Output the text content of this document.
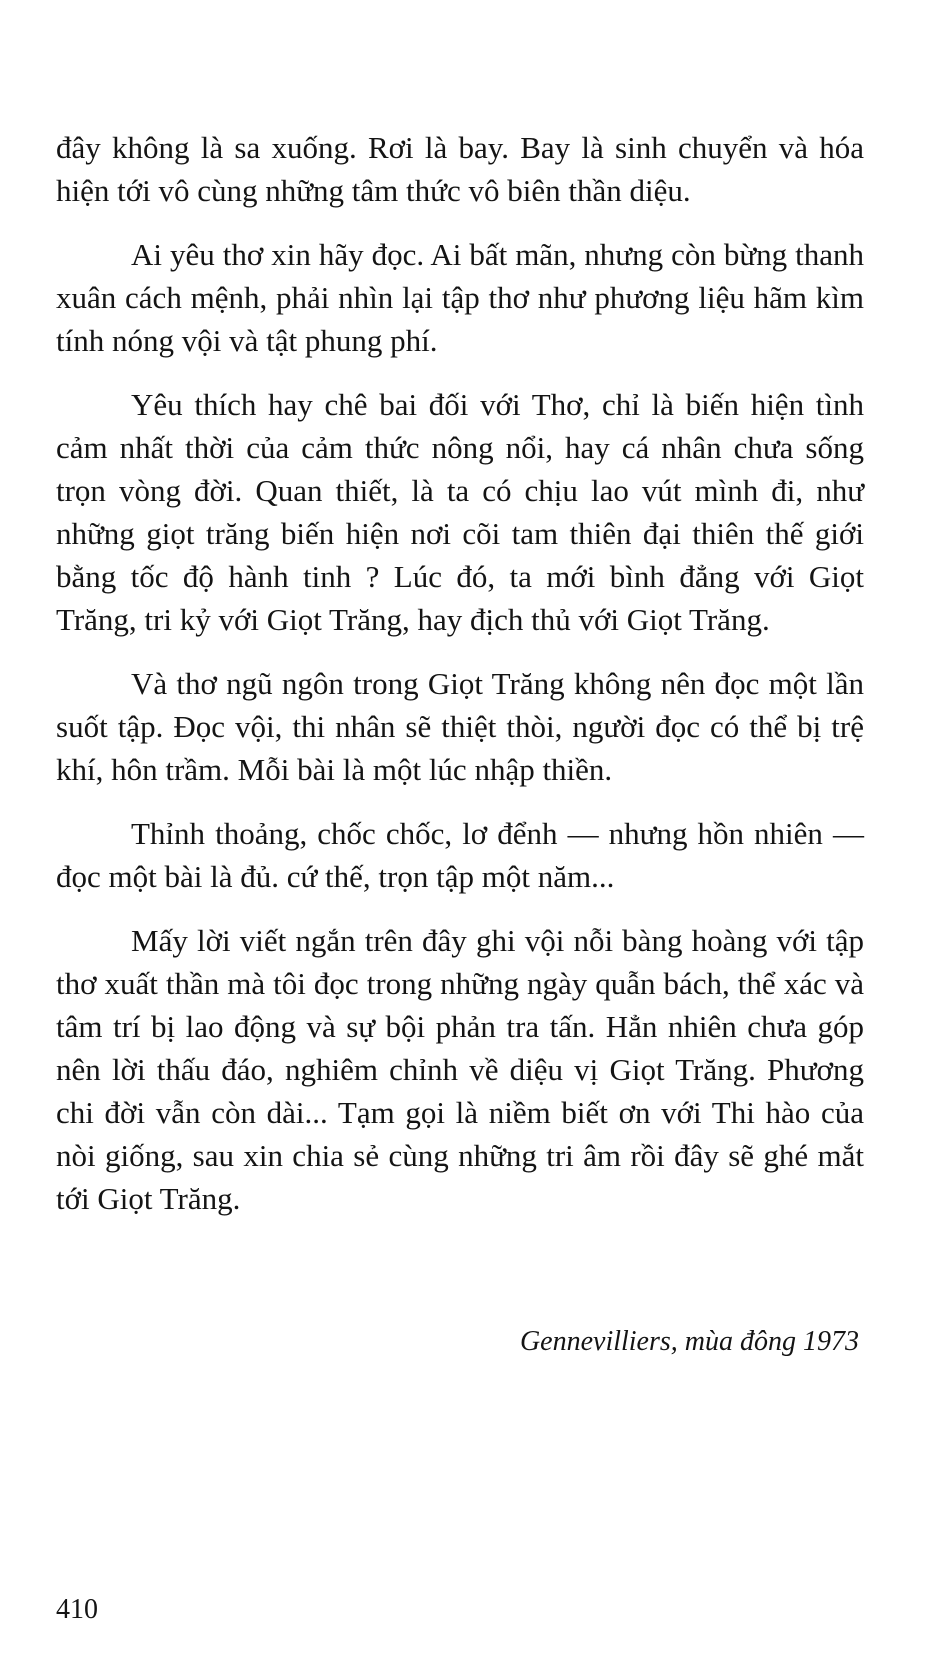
đây không là sa xuống. Rơi là bay. Bay là sinh chuyển và hóa hiện tới vô cùng những tâm thức vô biên thần diệu.

Ai yêu thơ xin hãy đọc. Ai bất mãn, nhưng còn bừng thanh xuân cách mệnh, phải nhìn lại tập thơ như phương liệu hãm kìm tính nóng vội và tật phung phí.

Yêu thích hay chê bai đối với Thơ, chỉ là biến hiện tình cảm nhất thời của cảm thức nông nổi, hay cá nhân chưa sống trọn vòng đời. Quan thiết, là ta có chịu lao vút mình đi, như những giọt trăng biến hiện nơi cõi tam thiên đại thiên thế giới bằng tốc độ hành tinh ? Lúc đó, ta mới bình đẳng với Giọt Trăng, tri kỷ với Giọt Trăng, hay địch thủ với Giọt Trăng.

Và thơ ngũ ngôn trong Giọt Trăng không nên đọc một lần suốt tập. Đọc vội, thi nhân sẽ thiệt thòi, người đọc có thể bị trệ khí, hôn trầm. Mỗi bài là một lúc nhập thiền.

Thỉnh thoảng, chốc chốc, lơ đểnh — nhưng hồn nhiên — đọc một bài là đủ. cứ thế, trọn tập một năm...

Mấy lời viết ngắn trên đây ghi vội nỗi bàng hoàng với tập thơ xuất thần mà tôi đọc trong những ngày quẫn bách, thể xác và tâm trí bị lao động và sự bội phản tra tấn. Hẳn nhiên chưa góp nên lời thấu đáo, nghiêm chỉnh về diệu vị Giọt Trăng. Phương chi đời vẫn còn dài... Tạm gọi là niềm biết ơn với Thi hào của nòi giống, sau xin chia sẻ cùng những tri âm rồi đây sẽ ghé mắt tới Giọt Trăng.

Gennevilliers, mùa đông 1973
410
